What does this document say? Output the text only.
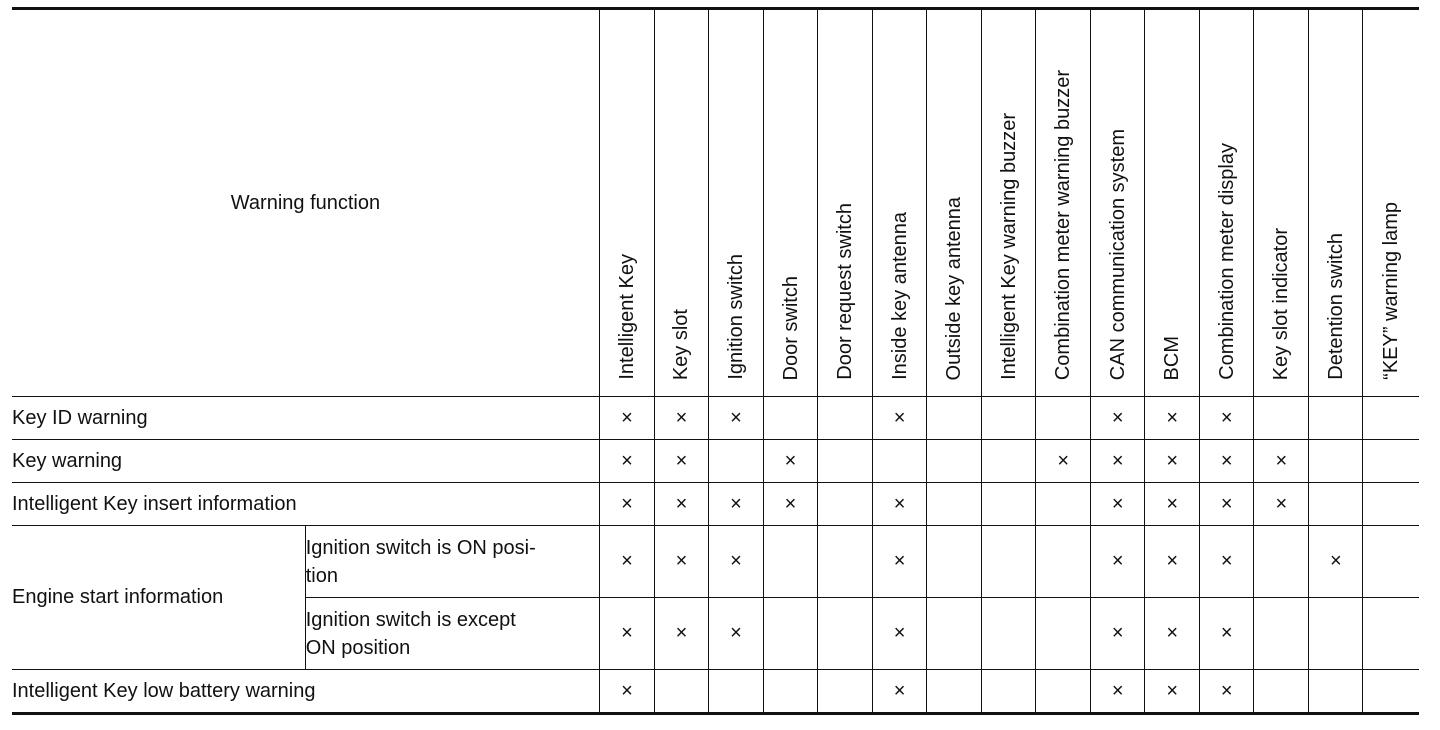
Warning function		Intelligent Key	Key slot	Ignition switch	Door switch	Door request switch	Inside key antenna	Outside key antenna	Intelligent Key warning buzzer	Combination meter warning buzzer	CAN communication system	BCM	Combination meter display	Key slot indicator	Detention switch	“KEY” warning lamp

Key ID warning		×	×	×			×				×	×	×			
Key warning		×	×		×					×	×	×	×	×		
Intelligent Key insert information		×	×	×	×		×				×	×	×	×		
Engine start information	Ignition switch is ON posi-
tion	×	×	×			×				×	×	×		×	
	Ignition switch is except
ON position	×	×	×			×				×	×	×			
Intelligent Key low battery warning		×					×				×	×	×			
